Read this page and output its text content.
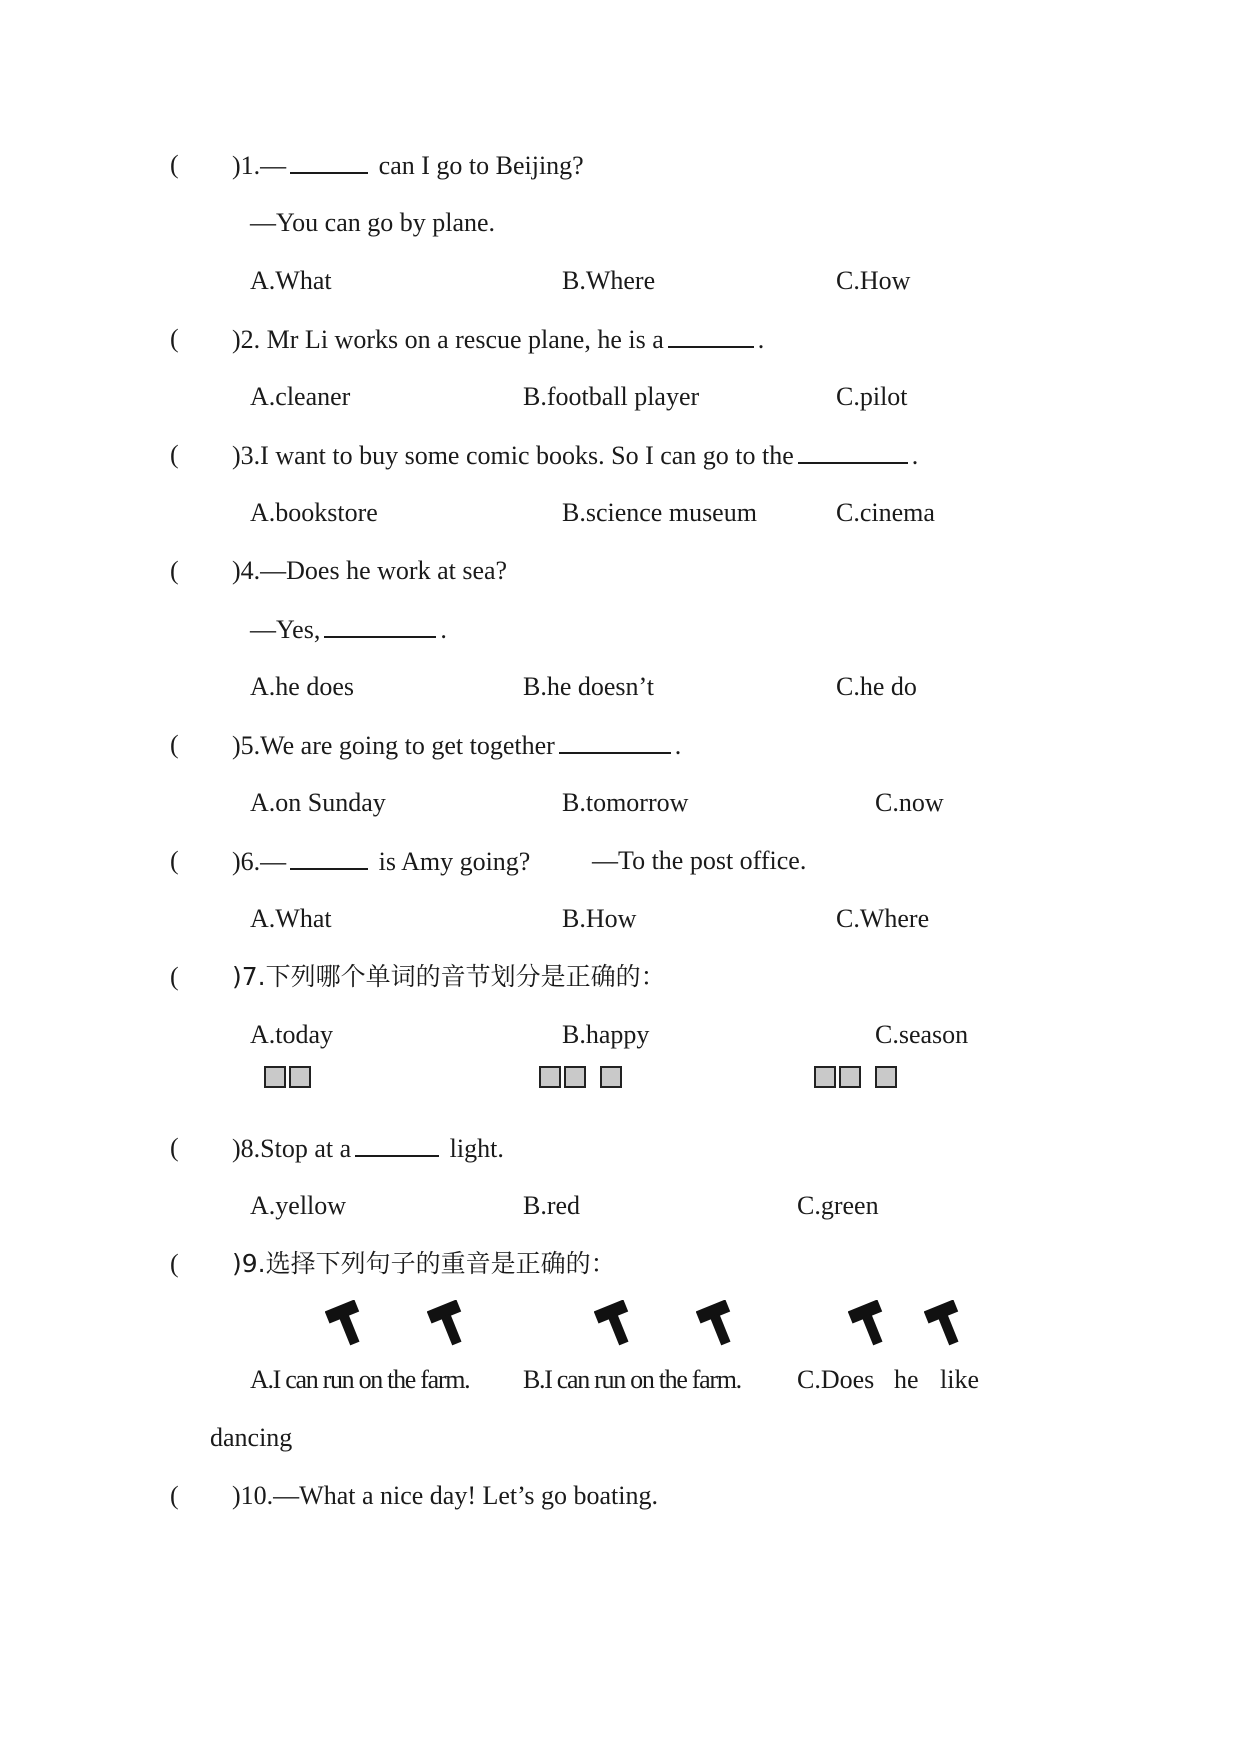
( )1.—	can I go to Beijing?
—You can go by plane.
A.What	B.Where	C.How
( )2. Mr Li works on a rescue plane, he is a	.
A.cleaner	B.football player	C.pilot
( )3.I want to buy some comic books. So I can go to the	.
A.bookstore	B.science museum	C.cinema
( )4.—Does he work at sea?
—Yes,	.
A.he does	B.he doesn’t	C.he do
( )5.We are going to get together	.
A.on Sunday	B.tomorrow	C.now
( )6.—	is Amy going? —To the post office.
A.What	B.How	C.Where
( )7.下列哪个单词的音节划分是正确的：
A.today	B.happy	C.season
( )8.Stop at a	light.
A.yellow	B.red	C.green
( )9.选择下列句子的重音是正确的：
A.I can run on the farm. B.I can run on the farm. C.Does he like
dancing
( )10.—What a nice day! Let’s go boating.
